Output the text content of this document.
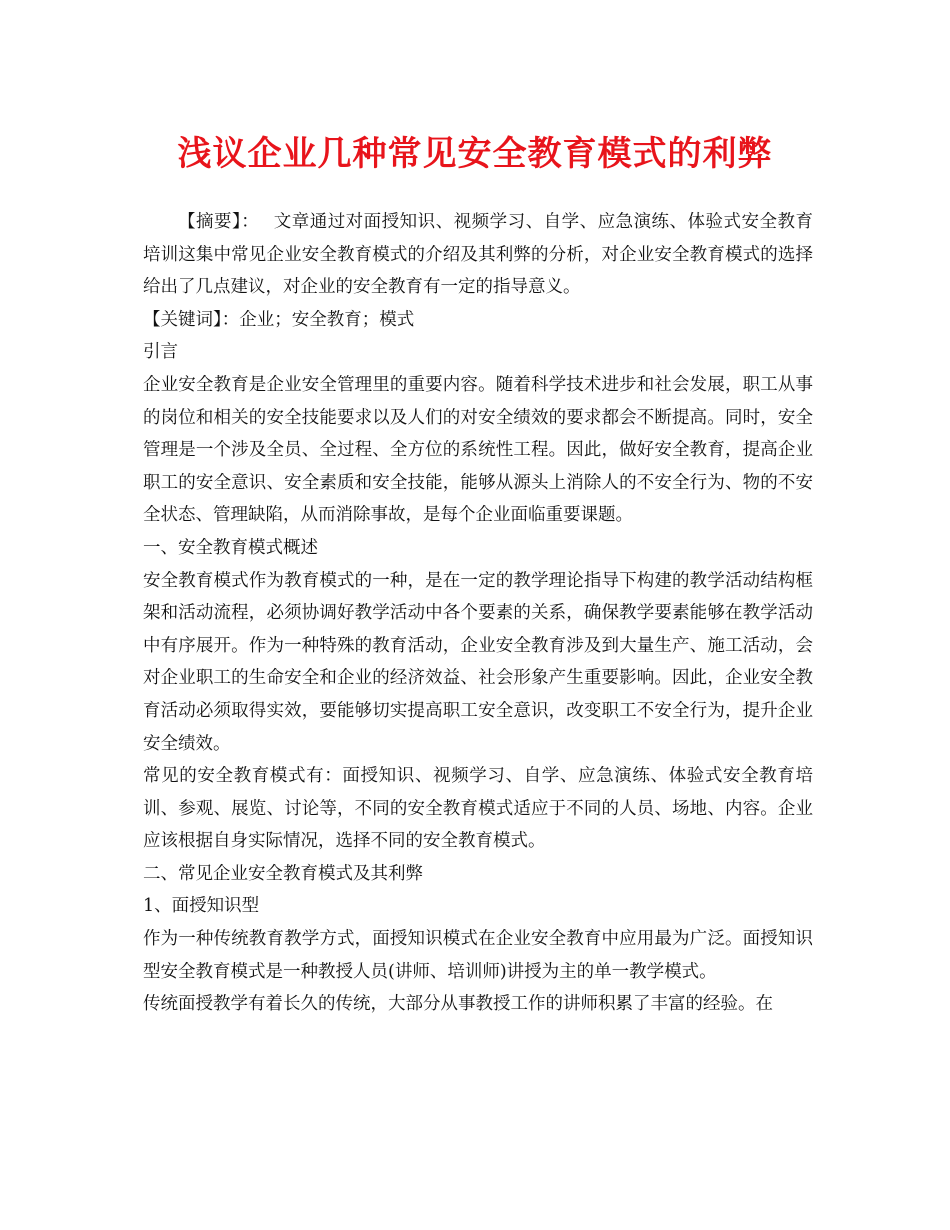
浅议企业几种常见安全教育模式的利弊

【摘要】： 文章通过对面授知识、视频学习、自学、应急演练、体验式安全教育培训这集中常见企业安全教育模式的介绍及其利弊的分析，对企业安全教育模式的选择给出了几点建议，对企业的安全教育有一定的指导意义。

【关键词】：企业；安全教育；模式

引言

企业安全教育是企业安全管理里的重要内容。随着科学技术进步和社会发展，职工从事的岗位和相关的安全技能要求以及人们的对安全绩效的要求都会不断提高。同时，安全管理是一个涉及全员、全过程、全方位的系统性工程。因此，做好安全教育，提高企业职工的安全意识、安全素质和安全技能，能够从源头上消除人的不安全行为、物的不安全状态、管理缺陷，从而消除事故，是每个企业面临重要课题。

一、安全教育模式概述

安全教育模式作为教育模式的一种，是在一定的教学理论指导下构建的教学活动结构框架和活动流程，必须协调好教学活动中各个要素的关系，确保教学要素能够在教学活动中有序展开。作为一种特殊的教育活动，企业安全教育涉及到大量生产、施工活动，会对企业职工的生命安全和企业的经济效益、社会形象产生重要影响。因此，企业安全教育活动必须取得实效，要能够切实提高职工安全意识，改变职工不安全行为，提升企业安全绩效。

常见的安全教育模式有：面授知识、视频学习、自学、应急演练、体验式安全教育培训、参观、展览、讨论等，不同的安全教育模式适应于不同的人员、场地、内容。企业应该根据自身实际情况，选择不同的安全教育模式。

二、常见企业安全教育模式及其利弊

1、面授知识型

作为一种传统教育教学方式，面授知识模式在企业安全教育中应用最为广泛。面授知识型安全教育模式是一种教授人员(讲师、培训师)讲授为主的单一教学模式。

传统面授教学有着长久的传统，大部分从事教授工作的讲师积累了丰富的经验。在
